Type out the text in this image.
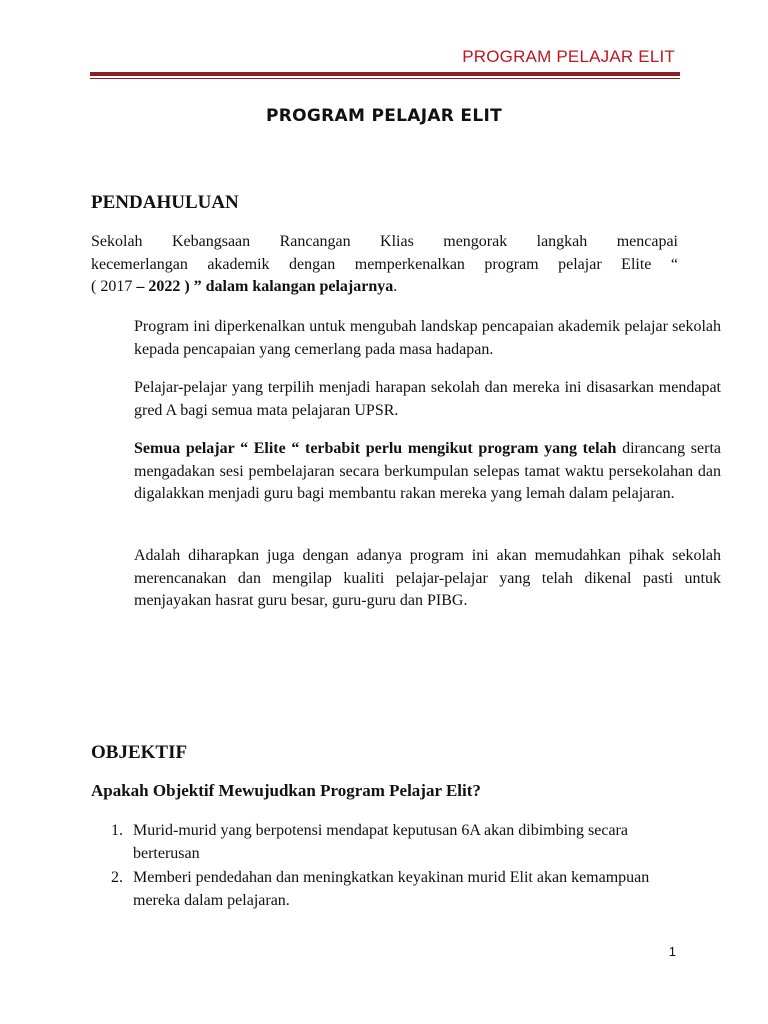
PROGRAM PELAJAR ELIT
PROGRAM PELAJAR ELIT
PENDAHULUAN
Sekolah Kebangsaan Rancangan Klias mengorak langkah mencapai
kecemerlangan akademik dengan memperkenalkan program pelajar Elite “
( 2017 – 2022 ) ” dalam kalangan pelajarnya.

Program ini diperkenalkan untuk mengubah landskap pencapaian akademik pelajar sekolah kepada pencapaian yang cemerlang pada masa hadapan.

Pelajar-pelajar yang terpilih menjadi harapan sekolah dan mereka ini disasarkan mendapat gred A bagi semua mata pelajaran UPSR.

Semua pelajar “ Elite “ terbabit perlu mengikut program yang telah dirancang serta mengadakan sesi pembelajaran secara berkumpulan selepas tamat waktu persekolahan dan digalakkan menjadi guru bagi membantu rakan mereka yang lemah dalam pelajaran.

Adalah diharapkan juga dengan adanya program ini akan memudahkan pihak sekolah merencanakan dan mengilap kualiti pelajar-pelajar yang telah dikenal pasti untuk menjayakan hasrat guru besar, guru-guru dan PIBG.

OBJEKTIF
Apakah Objektif Mewujudkan Program Pelajar Elit?
1. Murid-murid yang berpotensi mendapat keputusan 6A akan dibimbing secara berterusan
2. Memberi pendedahan dan meningkatkan keyakinan murid Elit akan kemampuan mereka dalam pelajaran.
1
